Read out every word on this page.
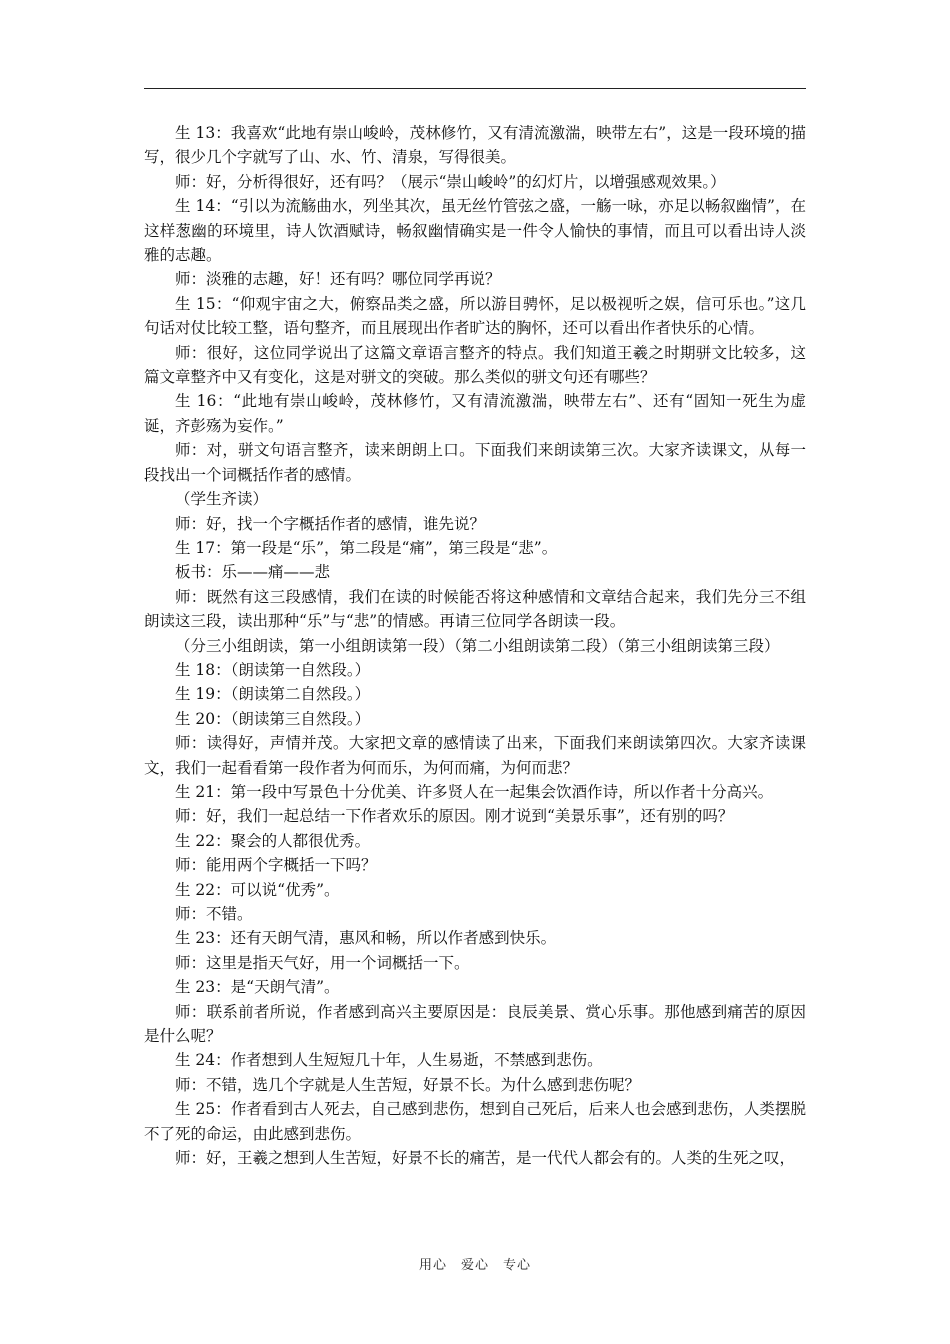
生 13：我喜欢“此地有崇山峻岭，茂林修竹，又有清流激湍，映带左右”，这是一段环境的描写，很少几个字就写了山、水、竹、清泉，写得很美。

师：好，分析得很好，还有吗？（展示“崇山峻岭”的幻灯片，以增强感观效果。）

生 14：“引以为流觞曲水，列坐其次，虽无丝竹管弦之盛，一觞一咏，亦足以畅叙幽情”，在这样葱幽的环境里，诗人饮酒赋诗，畅叙幽情确实是一件令人愉快的事情，而且可以看出诗人淡雅的志趣。

师：淡雅的志趣，好！还有吗？哪位同学再说？

生 15：“仰观宇宙之大，俯察品类之盛，所以游目骋怀，足以极视听之娱，信可乐也。”这几句话对仗比较工整，语句整齐，而且展现出作者旷达的胸怀，还可以看出作者快乐的心情。

师：很好，这位同学说出了这篇文章语言整齐的特点。我们知道王羲之时期骈文比较多，这篇文章整齐中又有变化，这是对骈文的突破。那么类似的骈文句还有哪些？

生 16：“此地有崇山峻岭，茂林修竹，又有清流激湍，映带左右”、还有“固知一死生为虚诞，齐彭殇为妄作。”

师：对，骈文句语言整齐，读来朗朗上口。下面我们来朗读第三次。大家齐读课文，从每一段找出一个词概括作者的感情。

（学生齐读）

师：好，找一个字概括作者的感情，谁先说？

生 17：第一段是“乐”，第二段是“痛”，第三段是“悲”。

板书：乐——痛——悲

师：既然有这三段感情，我们在读的时候能否将这种感情和文章结合起来，我们先分三不组朗读这三段，读出那种“乐”与“悲”的情感。再请三位同学各朗读一段。

（分三小组朗读，第一小组朗读第一段）（第二小组朗读第二段）（第三小组朗读第三段）

生 18：（朗读第一自然段。）

生 19：（朗读第二自然段。）

生 20：（朗读第三自然段。）

师：读得好，声情并茂。大家把文章的感情读了出来，下面我们来朗读第四次。大家齐读课文，我们一起看看第一段作者为何而乐，为何而痛，为何而悲？

生 21：第一段中写景色十分优美、许多贤人在一起集会饮酒作诗，所以作者十分高兴。

师：好，我们一起总结一下作者欢乐的原因。刚才说到“美景乐事”，还有别的吗？

生 22：聚会的人都很优秀。

师：能用两个字概括一下吗？

生 22：可以说“优秀”。

师：不错。

生 23：还有天朗气清，惠风和畅，所以作者感到快乐。

师：这里是指天气好，用一个词概括一下。

生 23：是“天朗气清”。

师：联系前者所说，作者感到高兴主要原因是：良辰美景、赏心乐事。那他感到痛苦的原因是什么呢？

生 24：作者想到人生短短几十年，人生易逝，不禁感到悲伤。

师：不错，选几个字就是人生苦短，好景不长。为什么感到悲伤呢？

生 25：作者看到古人死去，自己感到悲伤，想到自己死后，后来人也会感到悲伤，人类摆脱不了死的命运，由此感到悲伤。

师：好，王羲之想到人生苦短，好景不长的痛苦，是一代代人都会有的。人类的生死之叹，

用心　爱心　专心
